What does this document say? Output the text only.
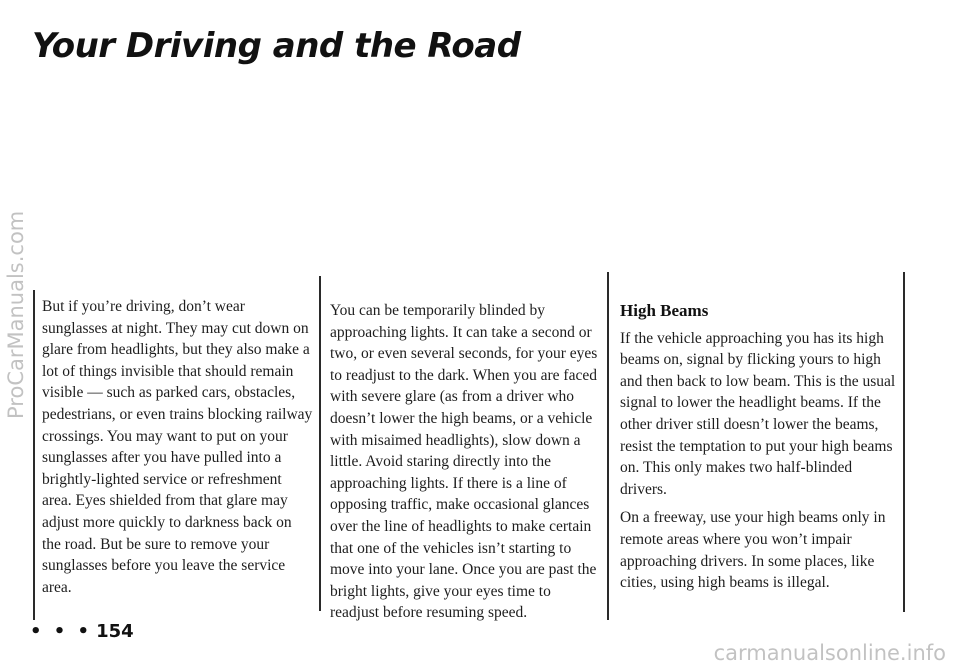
Your Driving and the Road

But if you’re driving, don’t wear sunglasses at night. They may cut down on glare from headlights, but they also make a lot of things invisible that should remain visible — such as parked cars, obstacles, pedestrians, or even trains blocking railway crossings. You may want to put on your sunglasses after you have pulled into a brightly-lighted service or refreshment area. Eyes shielded from that glare may adjust more quickly to darkness back on the road. But be sure to remove your sunglasses before you leave the service area.

You can be temporarily blinded by approaching lights. It can take a second or two, or even several seconds, for your eyes to readjust to the dark. When you are faced with severe glare (as from a driver who doesn’t lower the high beams, or a vehicle with misaimed headlights), slow down a little. Avoid staring directly into the approaching lights. If there is a line of opposing traffic, make occasional glances over the line of headlights to make certain that one of the vehicles isn’t starting to move into your lane. Once you are past the bright lights, give your eyes time to readjust before resuming speed.

High Beams

If the vehicle approaching you has its high beams on, signal by flicking yours to high and then back to low beam. This is the usual signal to lower the headlight beams. If the other driver still doesn’t lower the beams, resist the temptation to put your high beams on. This only makes two half-blinded drivers.

On a freeway, use your high beams only in remote areas where you won’t impair approaching drivers. In some places, like cities, using high beams is illegal.

• • • 154
ProCarManuals.com
carmanualsonline.info
